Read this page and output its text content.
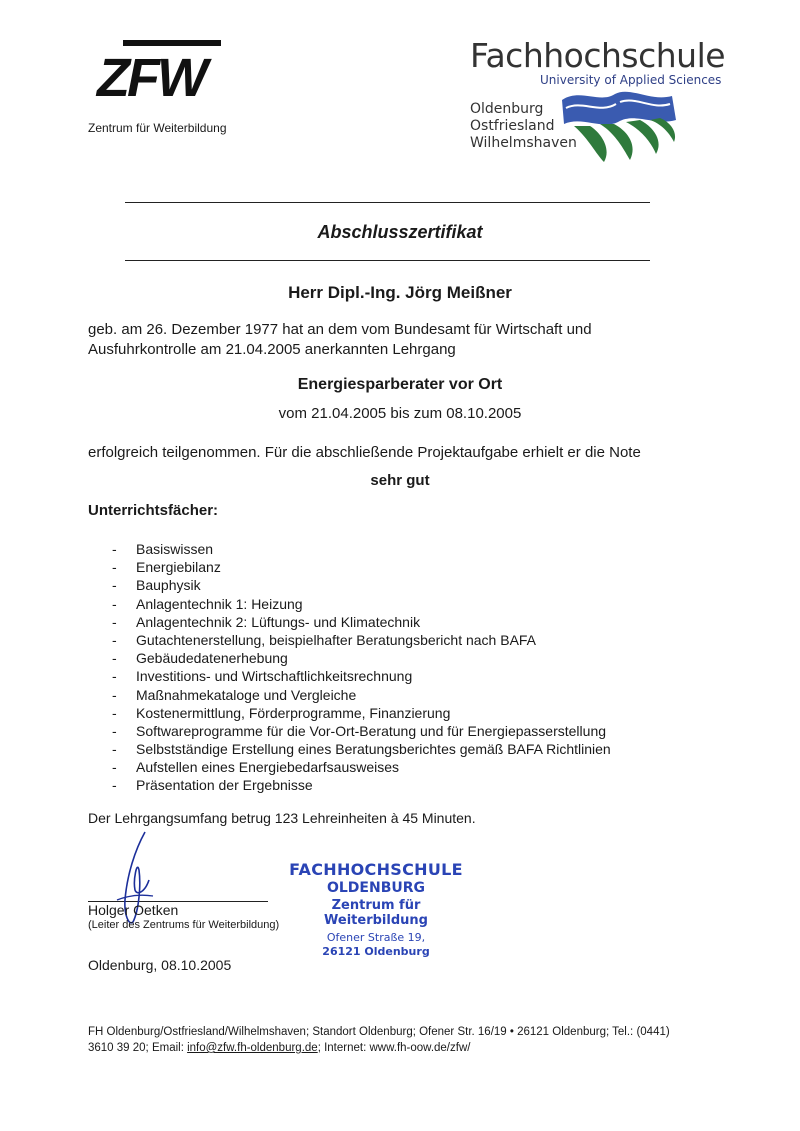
ZFW
Zentrum für Weiterbildung
Fachhochschule
University of Applied Sciences
Oldenburg
Ostfriesland
Wilhelmshaven
Abschlusszertifikat
Herr Dipl.-Ing. Jörg Meißner
geb. am 26. Dezember 1977 hat an dem vom Bundesamt für Wirtschaft und
Ausfuhrkontrolle am 21.04.2005 anerkannten Lehrgang
Energiesparberater vor Ort
vom 21.04.2005 bis zum 08.10.2005
erfolgreich teilgenommen. Für die abschließende Projektaufgabe erhielt er die Note
sehr gut
Unterrichtsfächer:
-	Basiswissen
-	Energiebilanz
-	Bauphysik
-	Anlagentechnik 1: Heizung
-	Anlagentechnik 2: Lüftungs- und Klimatechnik
-	Gutachtenerstellung, beispielhafter Beratungsbericht nach BAFA
-	Gebäudedatenerhebung
-	Investitions- und Wirtschaftlichkeitsrechnung
-	Maßnahmekataloge und Vergleiche
-	Kostenermittlung, Förderprogramme, Finanzierung
-	Softwareprogramme für die Vor-Ort-Beratung und für Energiepasserstellung
-	Selbstständige Erstellung eines Beratungsberichtes gemäß BAFA Richtlinien
-	Aufstellen eines Energiebedarfsausweises
-	Präsentation der Ergebnisse
Der Lehrgangsumfang betrug 123 Lehreinheiten à 45 Minuten.
Holger Oetken
(Leiter des Zentrums für Weiterbildung)
FACHHOCHSCHULE
OLDENBURG
Zentrum für Weiterbildung
Ofener Straße 19,
26121 Oldenburg
Oldenburg, 08.10.2005
FH Oldenburg/Ostfriesland/Wilhelmshaven; Standort Oldenburg; Ofener Str. 16/19 • 26121 Oldenburg; Tel.: (0441)
3610 39 20; Email: info@zfw.fh-oldenburg.de; Internet: www.fh-oow.de/zfw/
